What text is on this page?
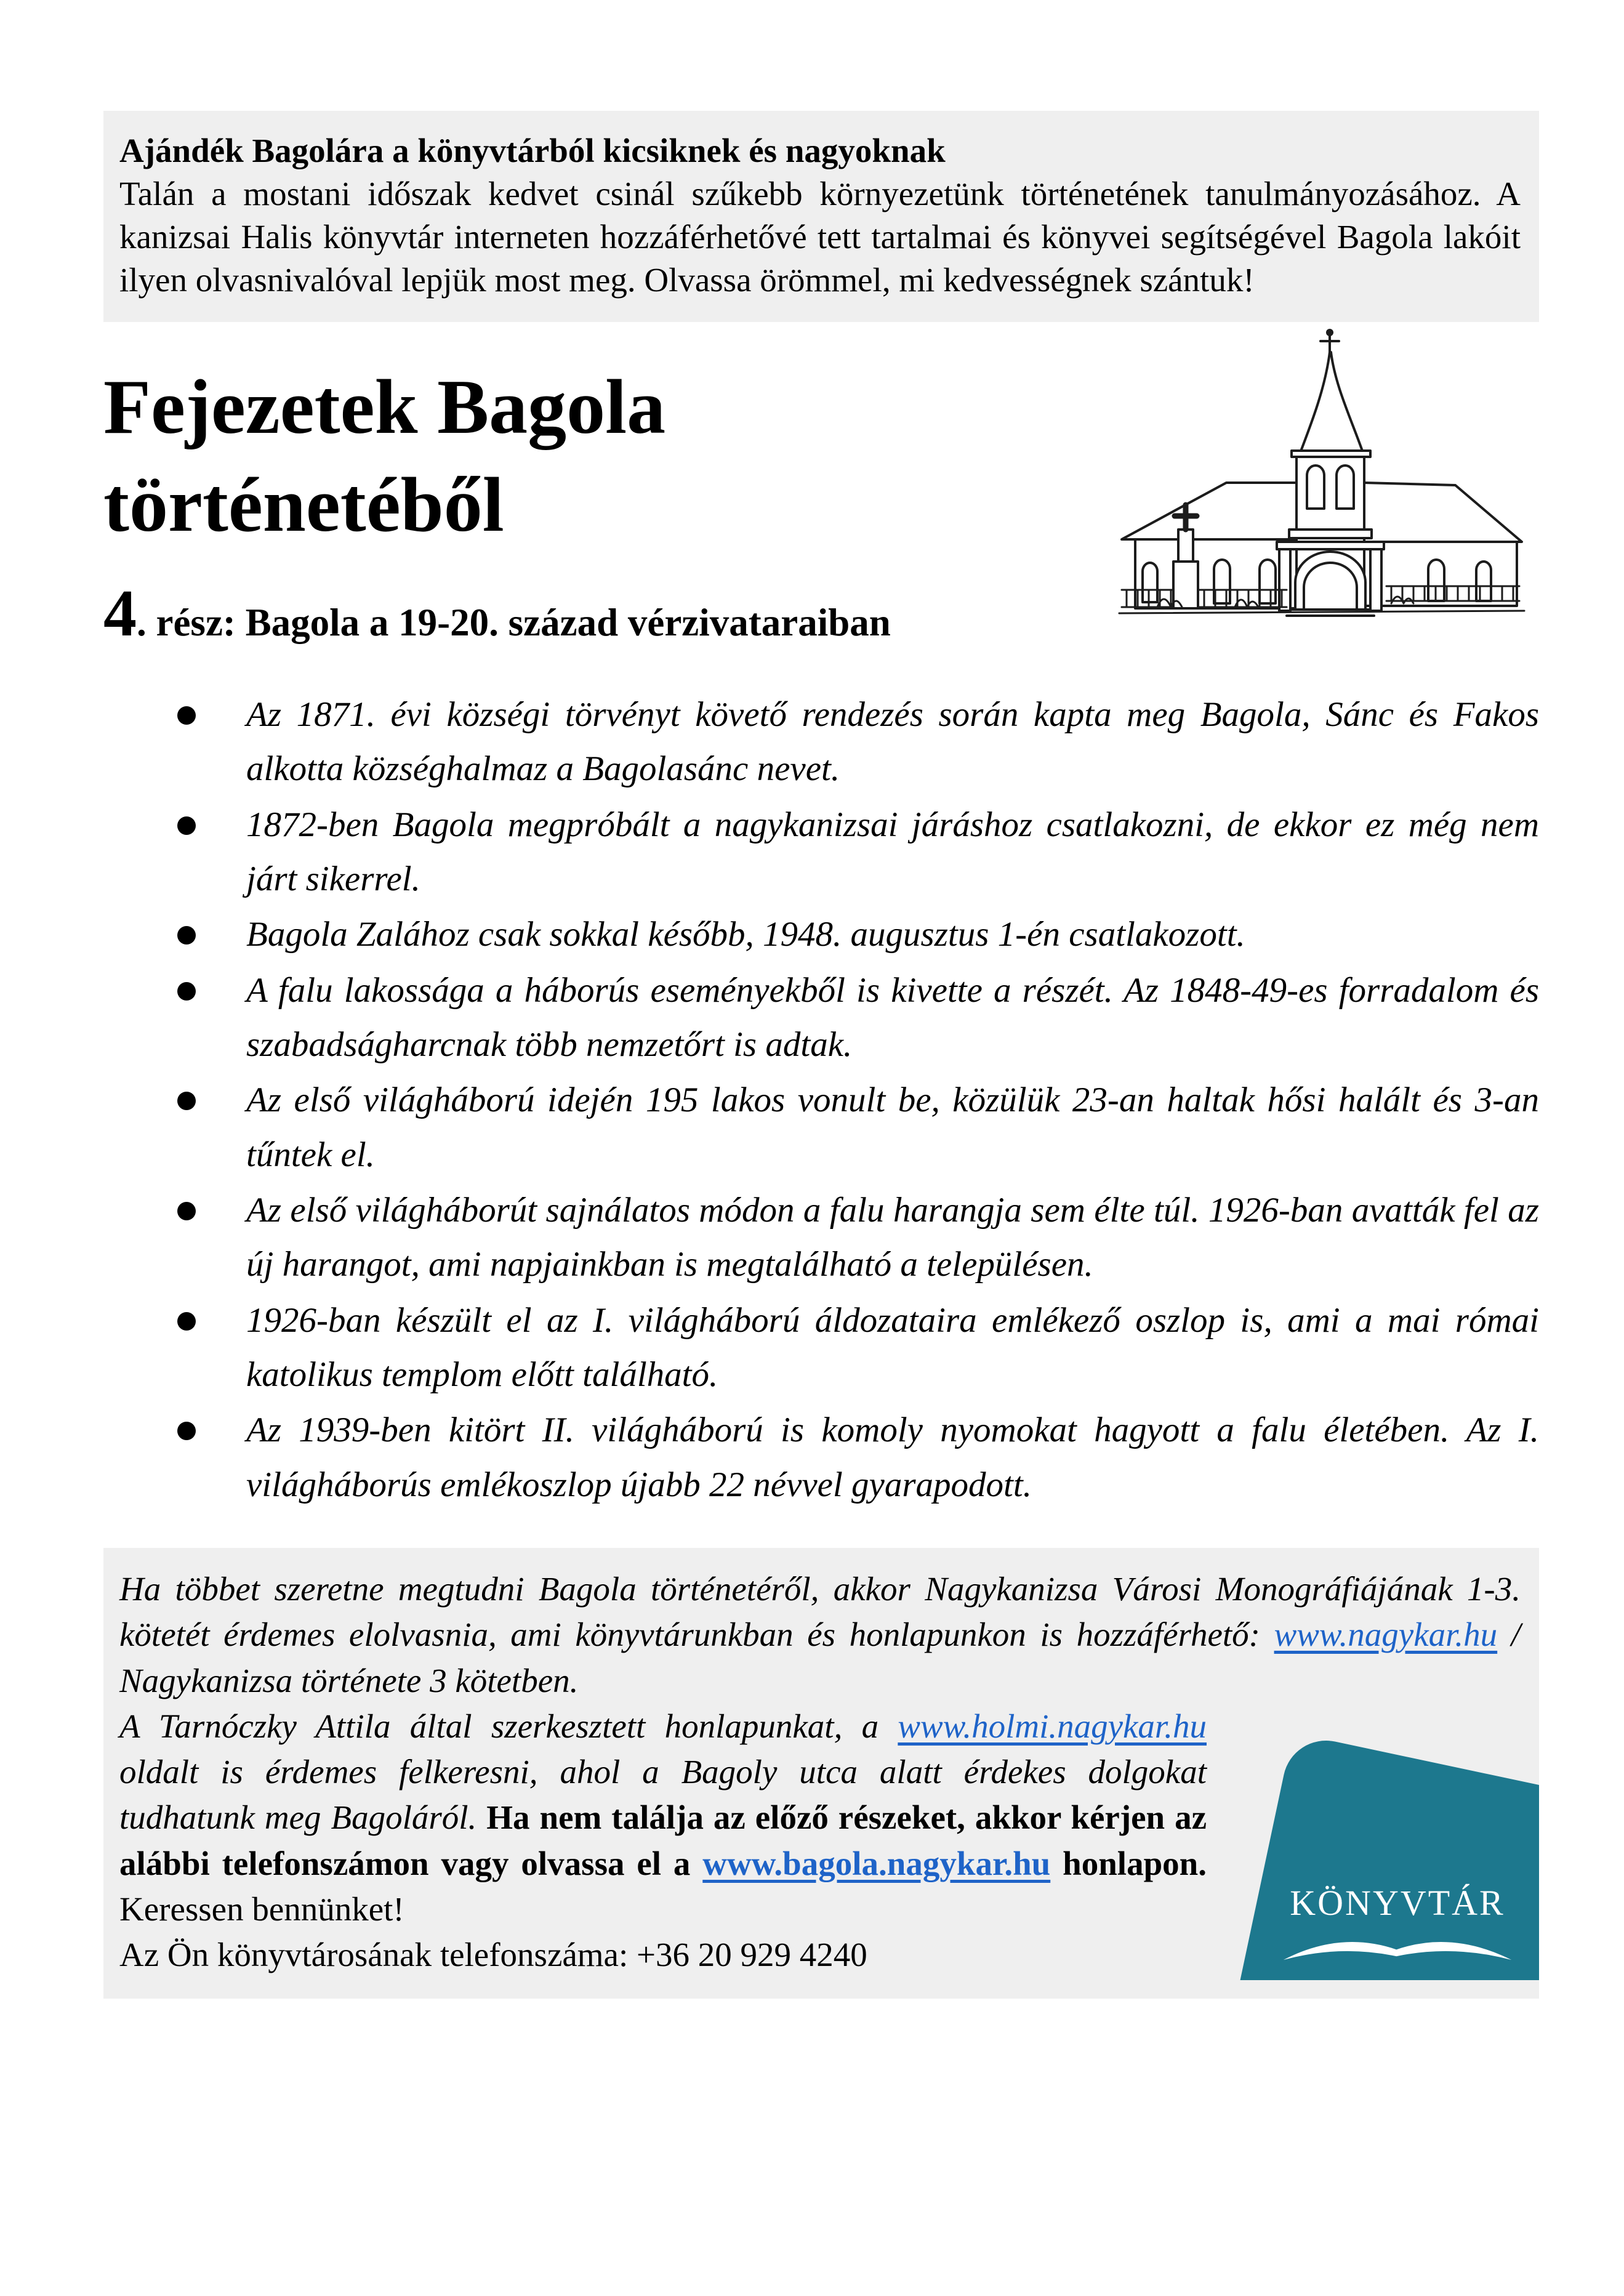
Ajándék Bagolára a könyvtárból kicsiknek és nagyoknak
Talán a mostani időszak kedvet csinál szűkebb környezetünk történetének tanulmányozásához. A kanizsai Halis könyvtár interneten hozzáférhetővé tett tartalmai és könyvei segítségével Bagola lakóit ilyen olvasnivalóval lepjük most meg. Olvassa örömmel, mi kedvességnek szántuk!
Fejezetek Bagola
történetéből
4. rész: Bagola a 19-20. század vérzivataraiban
Az 1871. évi községi törvényt követő rendezés során kapta meg Bagola, Sánc és Fakos alkotta községhalmaz a Bagolasánc nevet.
1872-ben Bagola megpróbált a nagykanizsai járáshoz csatlakozni, de ekkor ez még nem járt sikerrel.
Bagola Zalához csak sokkal később, 1948. augusztus 1-én csatlakozott.
A falu lakossága a háborús eseményekből is kivette a részét. Az 1848-49-es forradalom és szabadságharcnak több nemzetőrt is adtak.
Az első világháború idején 195 lakos vonult be, közülük 23-an haltak hősi halált és 3-an tűntek el.
Az első világháborút sajnálatos módon a falu harangja sem élte túl. 1926-ban avatták fel az új harangot, ami napjainkban is megtalálható a településen.
1926-ban készült el az I. világháború áldozataira emlékező oszlop is, ami a mai római katolikus templom előtt található.
Az 1939-ben kitört II. világháború is komoly nyomokat hagyott a falu életében. Az I. világháborús emlékoszlop újabb 22 névvel gyarapodott.
KÖNYVTÁR

Ha többet szeretne megtudni Bagola történetéről, akkor Nagykanizsa Városi Monográfiájának 1-3. kötetét érdemes elolvasnia, ami könyvtárunkban és honlapunkon is hozzáférhető: www.nagykar.hu / Nagykanizsa története 3 kötetben.

A Tarnóczky Attila által szerkesztett honlapunkat, a www.holmi.nagykar.hu oldalt is érdemes felkeresni, ahol a Bagoly utca alatt érdekes dolgokat tudhatunk meg Bagoláról. Ha nem találja az előző részeket, akkor kérjen az alábbi telefonszámon vagy olvassa el a www.bagola.nagykar.hu honlapon. Keressen bennünket!

Az Ön könyvtárosának telefonszáma: +36 20 929 4240
